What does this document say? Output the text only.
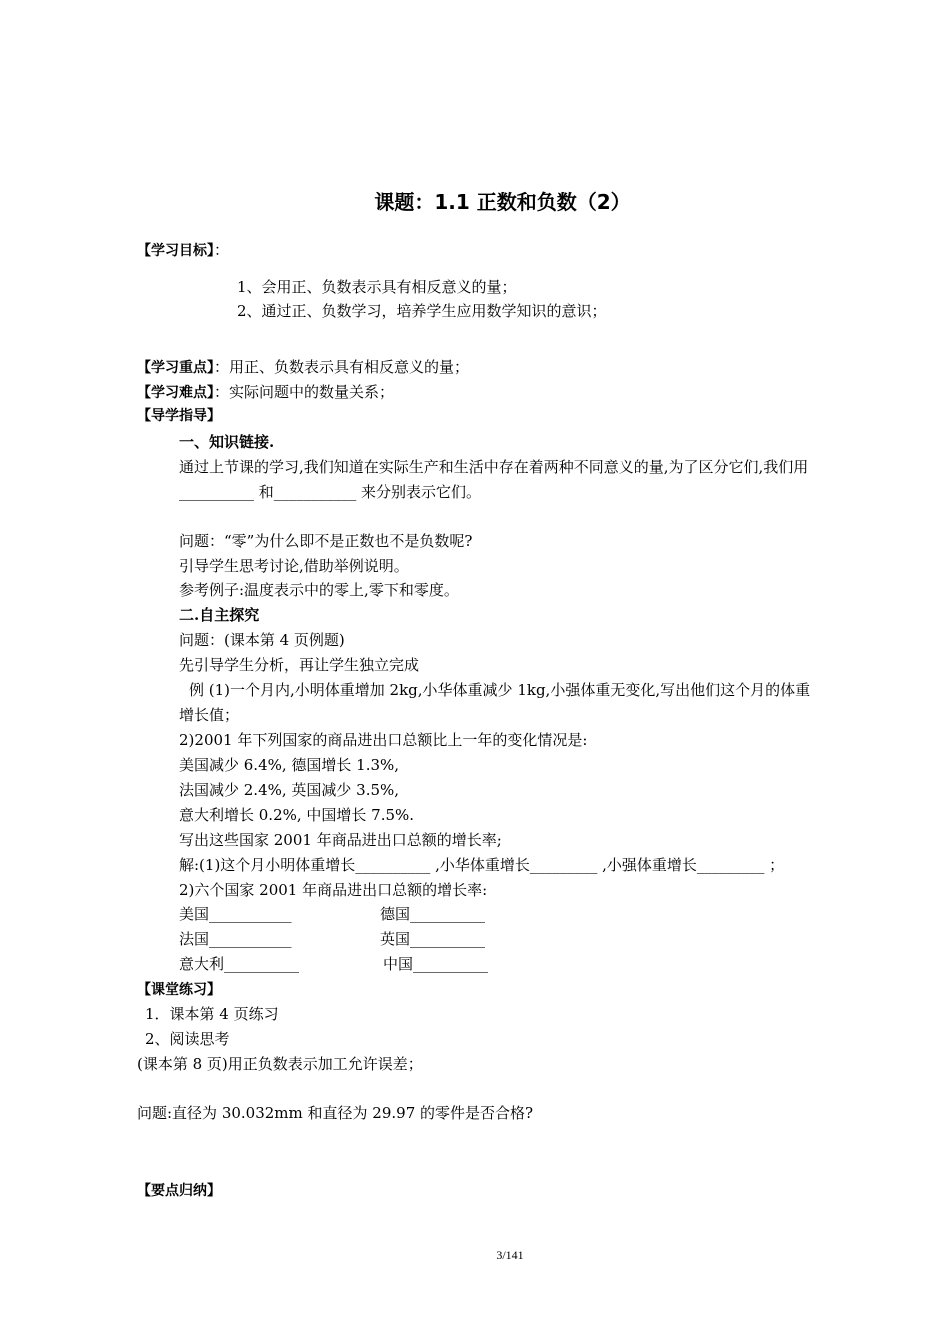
课题：1.1 正数和负数（2）
【学习目标】：
1、会用正、负数表示具有相反意义的量；
2、通过正、负数学习，培养学生应用数学知识的意识；
【学习重点】：用正、负数表示具有相反意义的量；
【学习难点】：实际问题中的数量关系；
【导学指导】
一、知识链接.
通过上节课的学习,我们知道在实际生产和生活中存在着两种不同意义的量,为了区分它们,我们用
__________ 和___________ 来分别表示它们。
问题：“零”为什么即不是正数也不是负数呢?
引导学生思考讨论,借助举例说明。
参考例子:温度表示中的零上,零下和零度。
二.自主探究
问题：(课本第 4 页例题)
先引导学生分析，再让学生独立完成
例 (1)一个月内,小明体重增加 2kg,小华体重减少 1kg,小强体重无变化,写出他们这个月的体重
增长值；
2)2001 年下列国家的商品进出口总额比上一年的变化情况是:
美国减少 6.4%, 德国增长 1.3%,
法国减少 2.4%, 英国减少 3.5%,
意大利增长 0.2%, 中国增长 7.5%.
写出这些国家 2001 年商品进出口总额的增长率;
解:(1)这个月小明体重增长__________ ,小华体重增长_________ ,小强体重增长_________ ；
2)六个国家 2001 年商品进出口总额的增长率:
美国___________	德国__________
法国___________	英国__________
意大利__________	中国__________
【课堂练习】
1．课本第 4 页练习
2、阅读思考
(课本第 8 页)用正负数表示加工允许误差；
问题:直径为 30.032mm 和直径为 29.97 的零件是否合格?
【要点归纳】
3/141
